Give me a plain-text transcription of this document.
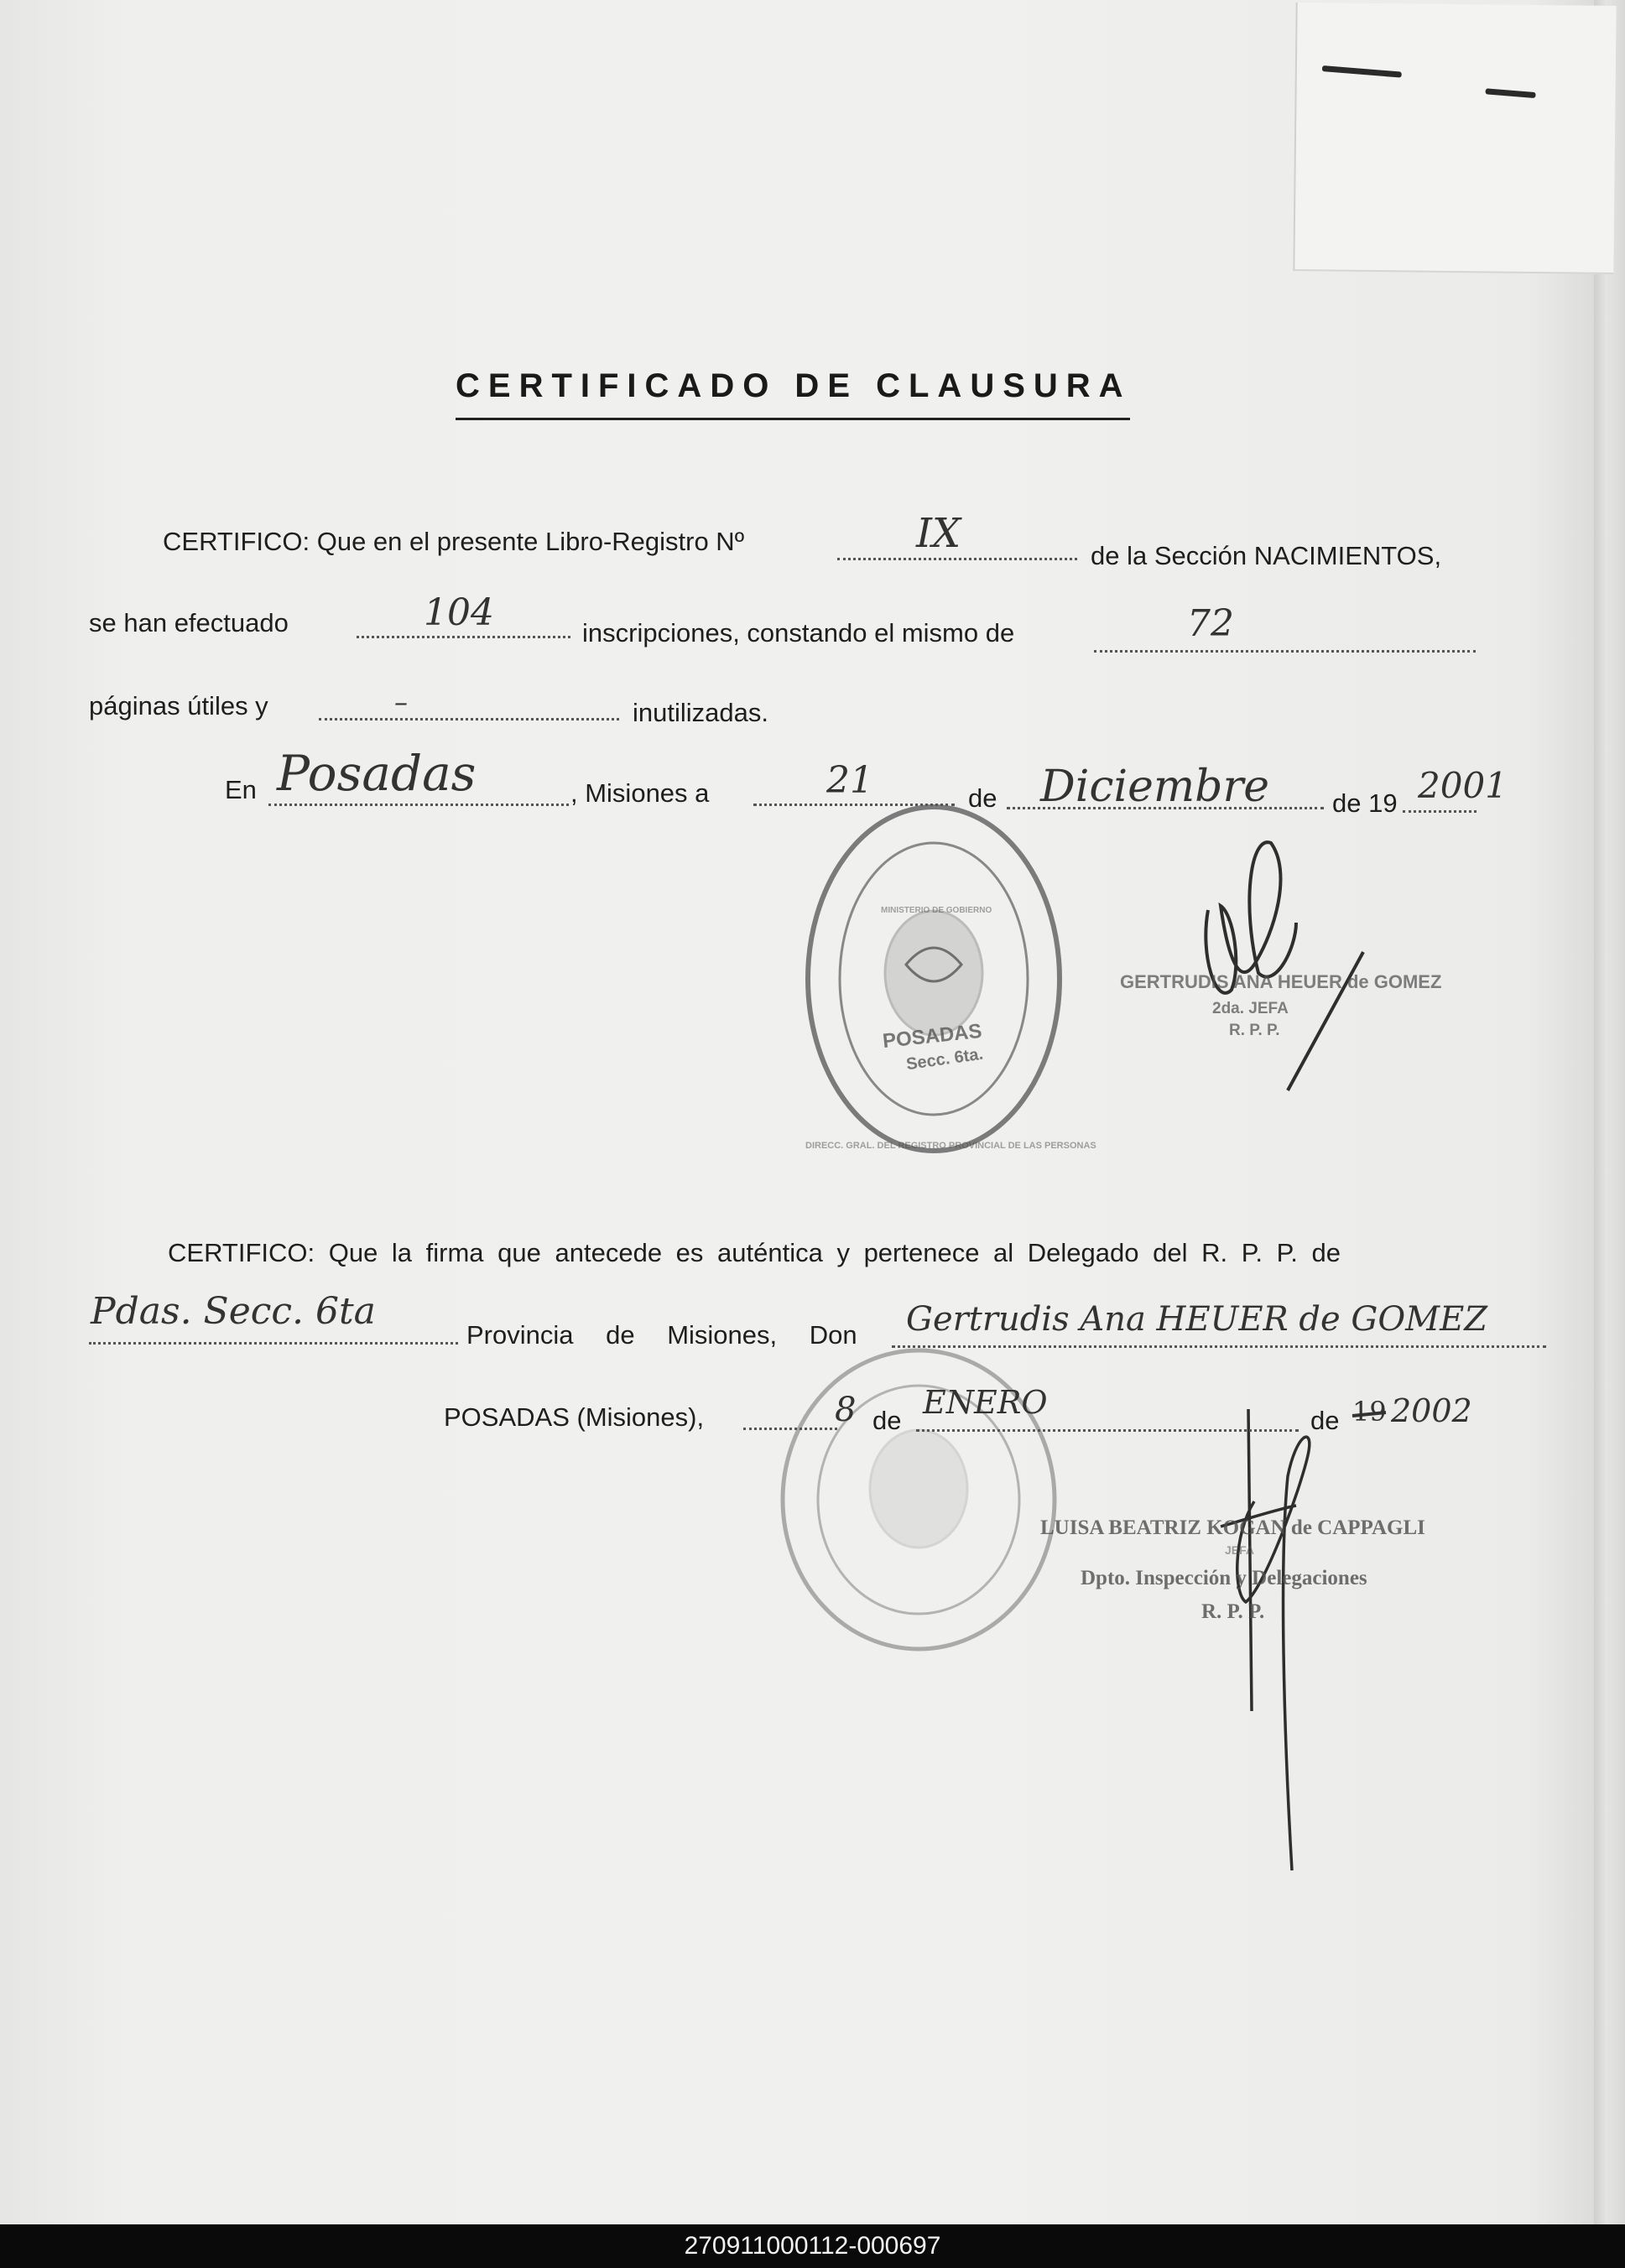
CERTIFICADO DE CLAUSURA
CERTIFICO: Que en el presente Libro-Registro Nº	IX	de la Sección NACIMIENTOS,
se han efectuado	104	inscripciones, constando el mismo de	72
páginas útiles y	–	inutilizadas.
En Posadas	, Misiones a	21	de Diciembre de 19 2001
POSADAS
Secc. 6ta.
DIRECC. GRAL. DEL REGISTRO PROVINCIAL DE LAS PERSONAS
MINISTERIO DE GOBIERNO
GERTRUDIS ANA HEUER de GOMEZ
2da. JEFA
R. P. P.
CERTIFICO: Que la firma que antecede es auténtica y pertenece al Delegado del R. P. P. de
Pdas. Secc. 6ta
Provincia de Misiones, Don Gertrudis Ana HEUER de GOMEZ
POSADAS (Misiones),	8 de ENERO	de 19 2002
LUISA BEATRIZ KOGAN de CAPPAGLI
JEFA
Dpto. Inspección y Delegaciones
R. P. P.
270911000112-000697
